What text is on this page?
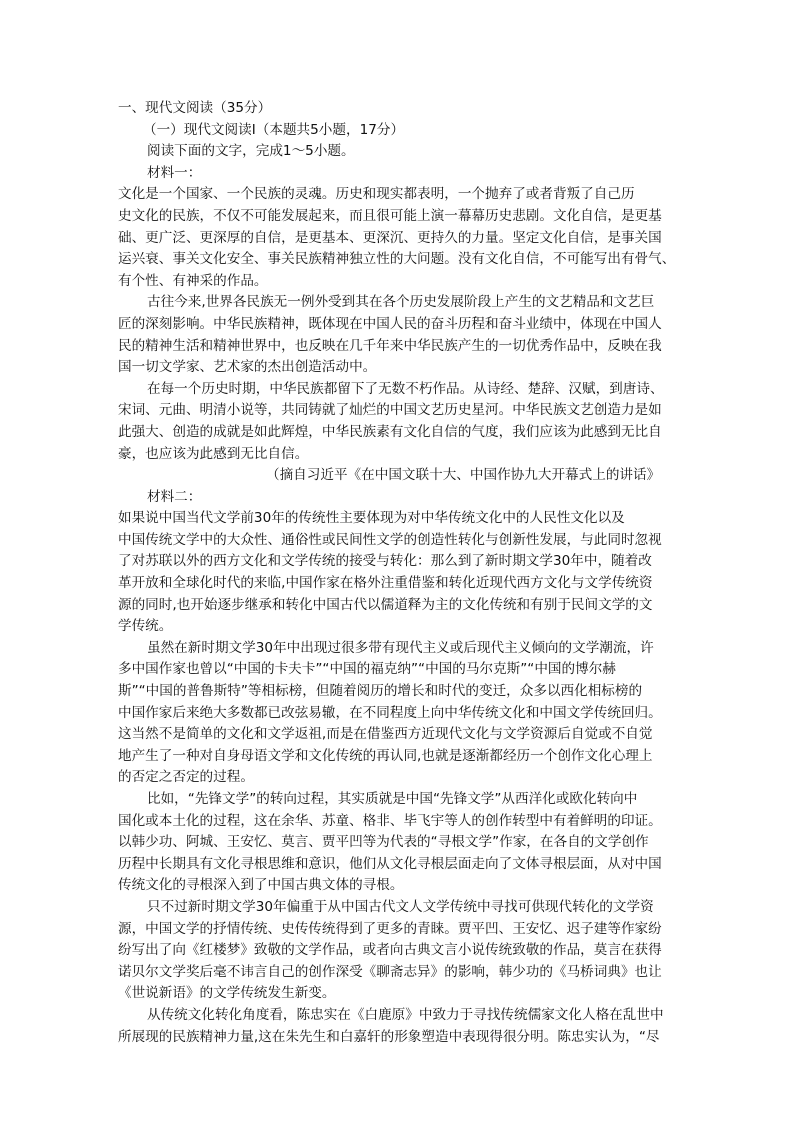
一、现代文阅读（35分）
（一）现代文阅读Ⅰ（本题共5小题，17分）
阅读下面的文字，完成1～5小题。
材料一：
文化是一个国家、一个民族的灵魂。历史和现实都表明，一个抛弃了或者背叛了自己历
史文化的民族，不仅不可能发展起来，而且很可能上演一幕幕历史悲剧。文化自信，是更基
础、更广泛、更深厚的自信，是更基本、更深沉、更持久的力量。坚定文化自信，是事关国
运兴衰、事关文化安全、事关民族精神独立性的大问题。没有文化自信，不可能写出有骨气、
有个性、有神采的作品。
古往今来,世界各民族无一例外受到其在各个历史发展阶段上产生的文艺精品和文艺巨
匠的深刻影响。中华民族精神，既体现在中国人民的奋斗历程和奋斗业绩中，体现在中国人
民的精神生活和精神世界中，也反映在几千年来中华民族产生的一切优秀作品中，反映在我
国一切文学家、艺术家的杰出创造活动中。
在每一个历史时期，中华民族都留下了无数不朽作品。从诗经、楚辞、汉赋，到唐诗、
宋词、元曲、明清小说等，共同铸就了灿烂的中国文艺历史星河。中华民族文艺创造力是如
此强大、创造的成就是如此辉煌，中华民族素有文化自信的气度，我们应该为此感到无比自
豪，也应该为此感到无比自信。
（摘自习近平《在中国文联十大、中国作协九大开幕式上的讲话》
材料二：
如果说中国当代文学前30年的传统性主要体现为对中华传统文化中的人民性文化以及
中国传统文学中的大众性、通俗性或民间性文学的创造性转化与创新性发展，与此同时忽视
了对苏联以外的西方文化和文学传统的接受与转化：那么到了新时期文学30年中，随着改
革开放和全球化时代的来临,中国作家在格外注重借鉴和转化近现代西方文化与文学传统资
源的同时,也开始逐步继承和转化中国古代以儒道释为主的文化传统和有别于民间文学的文
学传统。
虽然在新时期文学30年中出现过很多带有现代主义或后现代主义倾向的文学潮流，许
多中国作家也曾以“中国的卡夫卡”“中国的福克纳”“中国的马尔克斯”“中国的博尔赫
斯”“中国的普鲁斯特”等相标榜，但随着阅历的增长和时代的变迁，众多以西化相标榜的
中国作家后来绝大多数都已改弦易辙，在不同程度上向中华传统文化和中国文学传统回归。
这当然不是简单的文化和文学返祖,而是在借鉴西方近现代文化与文学资源后自觉或不自觉
地产生了一种对自身母语文学和文化传统的再认同,也就是逐渐都经历一个创作文化心理上
的否定之否定的过程。
比如，“先锋文学”的转向过程，其实质就是中国“先锋文学”从西洋化或欧化转向中
国化或本土化的过程，这在余华、苏童、格非、毕飞宇等人的创作转型中有着鲜明的印证。
以韩少功、阿城、王安忆、莫言、贾平凹等为代表的“寻根文学”作家，在各自的文学创作
历程中长期具有文化寻根思维和意识，他们从文化寻根层面走向了文体寻根层面，从对中国
传统文化的寻根深入到了中国古典文体的寻根。
只不过新时期文学30年偏重于从中国古代文人文学传统中寻找可供现代转化的文学资
源，中国文学的抒情传统、史传传统得到了更多的青睐。贾平凹、王安忆、迟子建等作家纷
纷写出了向《红楼梦》致敬的文学作品，或者向古典文言小说传统致敬的作品，莫言在获得
诺贝尔文学奖后毫不讳言自己的创作深受《聊斋志异》的影响，韩少功的《马桥词典》也让
《世说新语》的文学传统发生新变。
从传统文化转化角度看，陈忠实在《白鹿原》中致力于寻找传统儒家文化人格在乱世中
所展现的民族精神力量,这在朱先生和白嘉轩的形象塑造中表现得很分明。陈忠实认为，“尽
